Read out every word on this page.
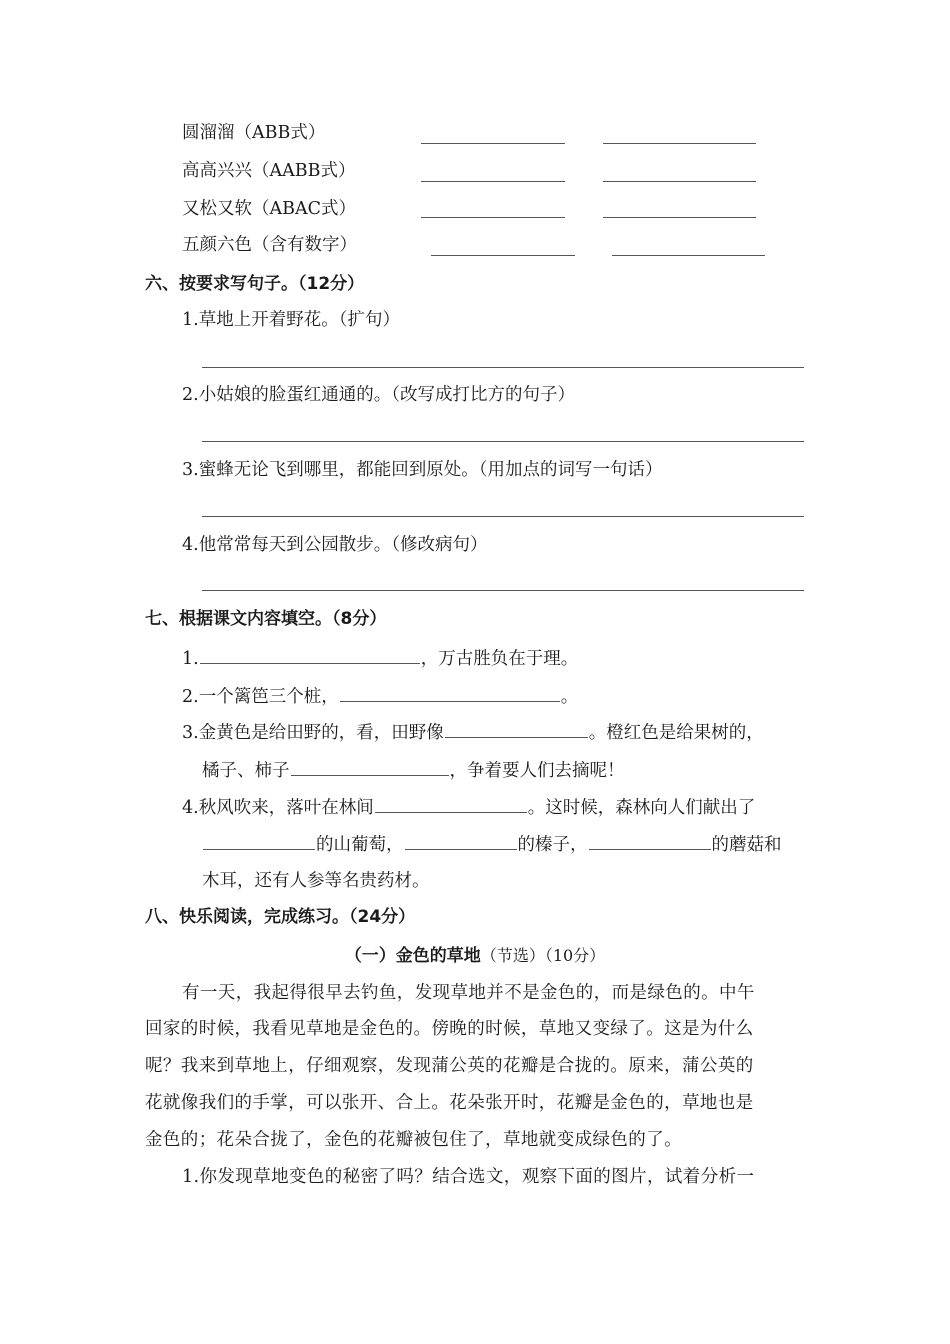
圆溜溜（ABB式）
高高兴兴（AABB式）
又松又软（ABAC式）
五颜六色（含有数字）
六、按要求写句子。（12分）
1.草地上开着野花。（扩句）
2.小姑娘的脸蛋红通通的。（改写成打比方的句子）
3.蜜蜂无论飞到哪里，都能回到原处。（用加点的词写一句话）
4.他常常每天到公园散步。（修改病句）
七、根据课文内容填空。（8分）
1.	，万古胜负在于理。
2.一个篱笆三个桩，	。
3.金黄色是给田野的，看，田野像	。橙红色是给果树的，
橘子、柿子	，争着要人们去摘呢！
4.秋风吹来，落叶在林间	。这时候，森林向人们献出了
的山葡萄，	的榛子，	的蘑菇和
木耳，还有人参等名贵药材。
八、快乐阅读，完成练习。（24分）
（一）金色的草地（节选）（10分）
有一天，我起得很早去钓鱼，发现草地并不是金色的，而是绿色的。中午
回家的时候，我看见草地是金色的。傍晚的时候，草地又变绿了。这是为什么
呢？我来到草地上，仔细观察，发现蒲公英的花瓣是合拢的。原来，蒲公英的
花就像我们的手掌，可以张开、合上。花朵张开时，花瓣是金色的，草地也是
金色的；花朵合拢了，金色的花瓣被包住了，草地就变成绿色的了。
1.你发现草地变色的秘密了吗？结合选文，观察下面的图片，试着分析一
